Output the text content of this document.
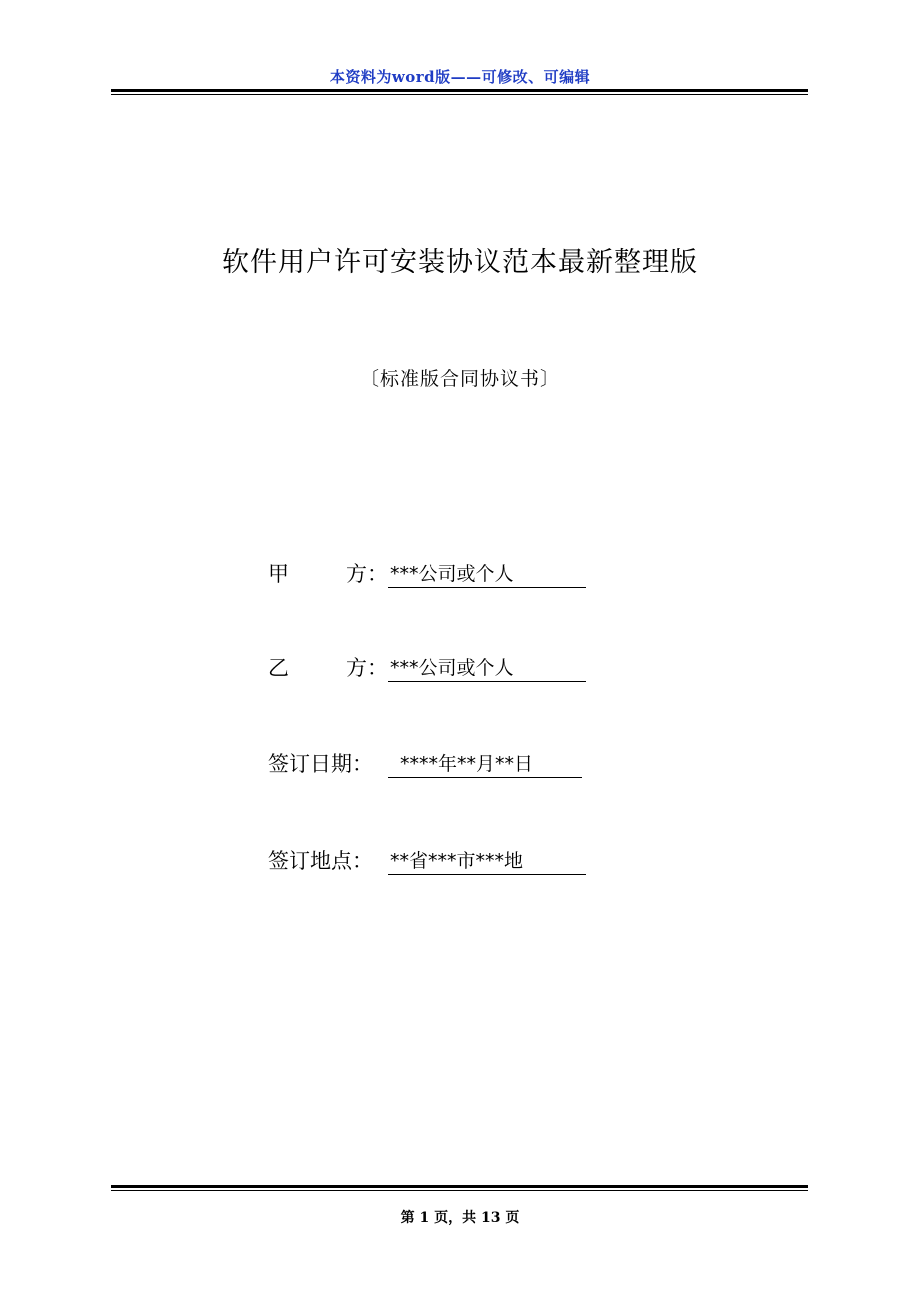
本资料为word版——可修改、可编辑
软件用户许可安装协议范本最新整理版
〔标准版合同协议书〕
甲	方： ***公司或个人
乙	方： ***公司或个人
签订日期：	****年**月**日
签订地点： **省***市***地
第 1 页，共 13 页
